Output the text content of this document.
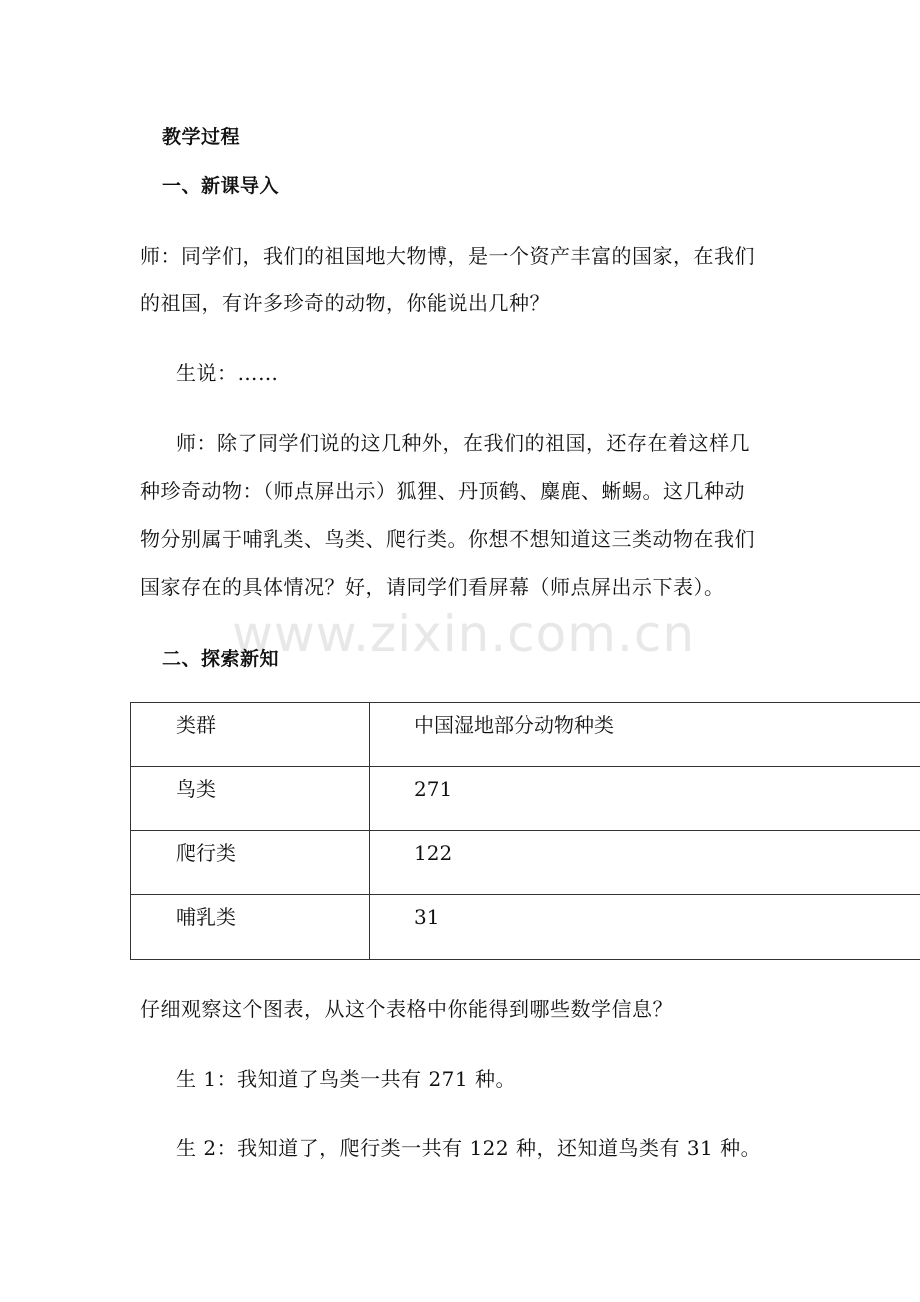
教学过程
一、新课导入
师：同学们，我们的祖国地大物博，是一个资产丰富的国家，在我们
的祖国，有许多珍奇的动物，你能说出几种？
生说：……
师：除了同学们说的这几种外，在我们的祖国，还存在着这样几
种珍奇动物：（师点屏出示）狐狸、丹顶鹤、麋鹿、蜥蜴。这几种动
物分别属于哺乳类、鸟类、爬行类。你想不想知道这三类动物在我们
国家存在的具体情况？好，请同学们看屏幕（师点屏出示下表）。
www.zixin.com.cn
二、探索新知
类群	中国湿地部分动物种类
鸟类	271
爬行类	122
哺乳类	31
仔细观察这个图表，从这个表格中你能得到哪些数学信息？
生 1：我知道了鸟类一共有 271 种。
生 2：我知道了，爬行类一共有 122 种，还知道鸟类有 31 种。
